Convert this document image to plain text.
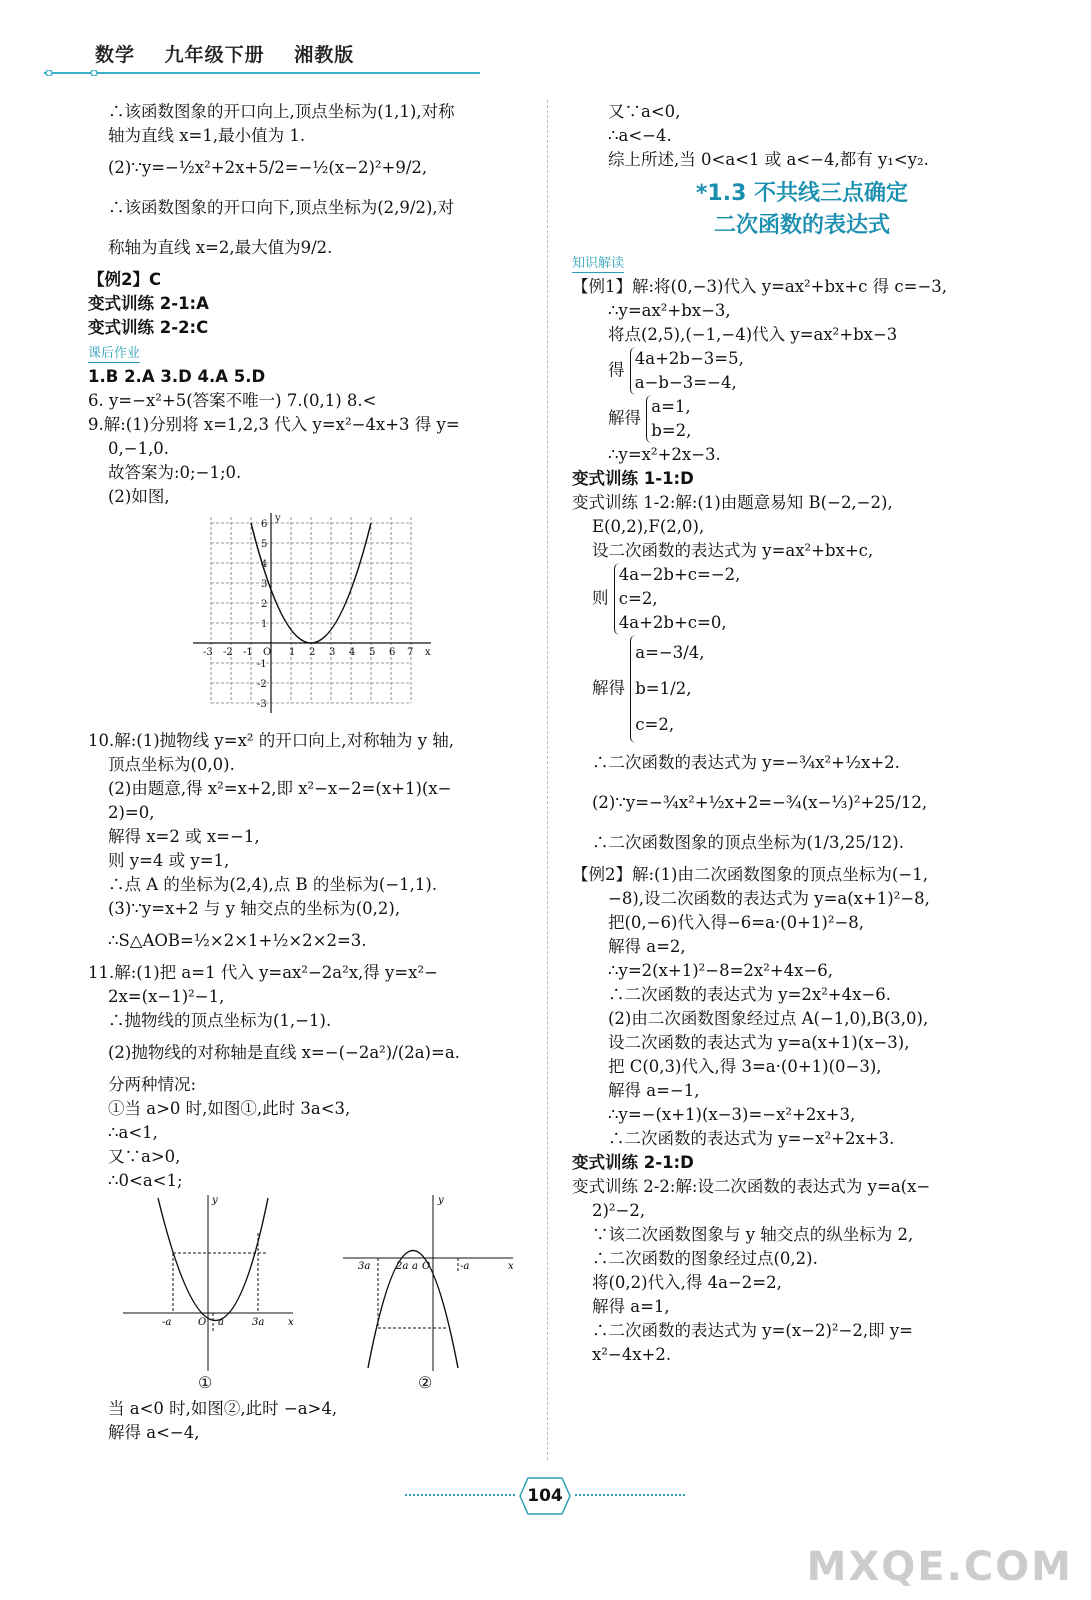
数学 九年级下册 湘教版
∴该函数图象的开口向上,顶点坐标为(1,1),对称
轴为直线 x=1,最小值为 1.
(2)∵y=−½x²+2x+5/2=−½(x−2)²+9/2,
∴该函数图象的开口向下,顶点坐标为(2,9/2),对
称轴为直线 x=2,最大值为9/2.
【例2】C
变式训练 2-1:A
变式训练 2-2:C
课后作业
1.B 2.A 3.D 4.A 5.D
6. y=−x²+5(答案不唯一) 7.(0,1) 8.<
9.解:(1)分别将 x=1,2,3 代入 y=x²−4x+3 得 y=
0,−1,0.
故答案为:0;−1;0.
(2)如图,
-3 -2 -1 O 1 2 3 4 5 6 7 x
6
5
4
3
2
1
-1
-2
-3
y
10.解:(1)抛物线 y=x² 的开口向上,对称轴为 y 轴,
顶点坐标为(0,0).
(2)由题意,得 x²=x+2,即 x²−x−2=(x+1)(x−
2)=0,
解得 x=2 或 x=−1,
则 y=4 或 y=1,
∴点 A 的坐标为(2,4),点 B 的坐标为(−1,1).
(3)∵y=x+2 与 y 轴交点的坐标为(0,2),
∴S△AOB=½×2×1+½×2×2=3.
11.解:(1)把 a=1 代入 y=ax²−2a²x,得 y=x²−
2x=(x−1)²−1,
∴抛物线的顶点坐标为(1,−1).
(2)抛物线的对称轴是直线 x=−(−2a²)/(2a)=a.
分两种情况:
①当 a>0 时,如图①,此时 3a<3,
∴a<1,
又∵a>0,
∴0<a<1;
-a	O a	3a x
y
①
3a	2a a O	-a	x
y
②
当 a<0 时,如图②,此时 −a>4,
解得 a<−4,
又∵a<0,
∴a<−4.
综上所述,当 0<a<1 或 a<−4,都有 y₁<y₂.
*1.3 不共线三点确定
二次函数的表达式
知识解读
【例1】解:将(0,−3)代入 y=ax²+bx+c 得 c=−3,
∴y=ax²+bx−3,
将点(2,5),(−1,−4)代入 y=ax²+bx−3
得
4a+2b−3=5,
a−b−3=−4,
解得
a=1,
b=2,
∴y=x²+2x−3.
变式训练 1-1:D
变式训练 1-2:解:(1)由题意易知 B(−2,−2),
E(0,2),F(2,0),
设二次函数的表达式为 y=ax²+bx+c,
则
4a−2b+c=−2,
c=2,
4a+2b+c=0,
解得
a=−3/4,
b=1/2,
c=2,
∴二次函数的表达式为 y=−¾x²+½x+2.
(2)∵y=−¾x²+½x+2=−¾(x−⅓)²+25/12,
∴二次函数图象的顶点坐标为(1/3,25/12).
【例2】解:(1)由二次函数图象的顶点坐标为(−1,
−8),设二次函数的表达式为 y=a(x+1)²−8,
把(0,−6)代入得−6=a·(0+1)²−8,
解得 a=2,
∴y=2(x+1)²−8=2x²+4x−6,
∴二次函数的表达式为 y=2x²+4x−6.
(2)由二次函数图象经过点 A(−1,0),B(3,0),
设二次函数的表达式为 y=a(x+1)(x−3),
把 C(0,3)代入,得 3=a·(0+1)(0−3),
解得 a=−1,
∴y=−(x+1)(x−3)=−x²+2x+3,
∴二次函数的表达式为 y=−x²+2x+3.
变式训练 2-1:D
变式训练 2-2:解:设二次函数的表达式为 y=a(x−
2)²−2,
∵该二次函数图象与 y 轴交点的纵坐标为 2,
∴二次函数的图象经过点(0,2).
将(0,2)代入,得 4a−2=2,
解得 a=1,
∴二次函数的表达式为 y=(x−2)²−2,即 y=
x²−4x+2.
104
MXQE.COM
